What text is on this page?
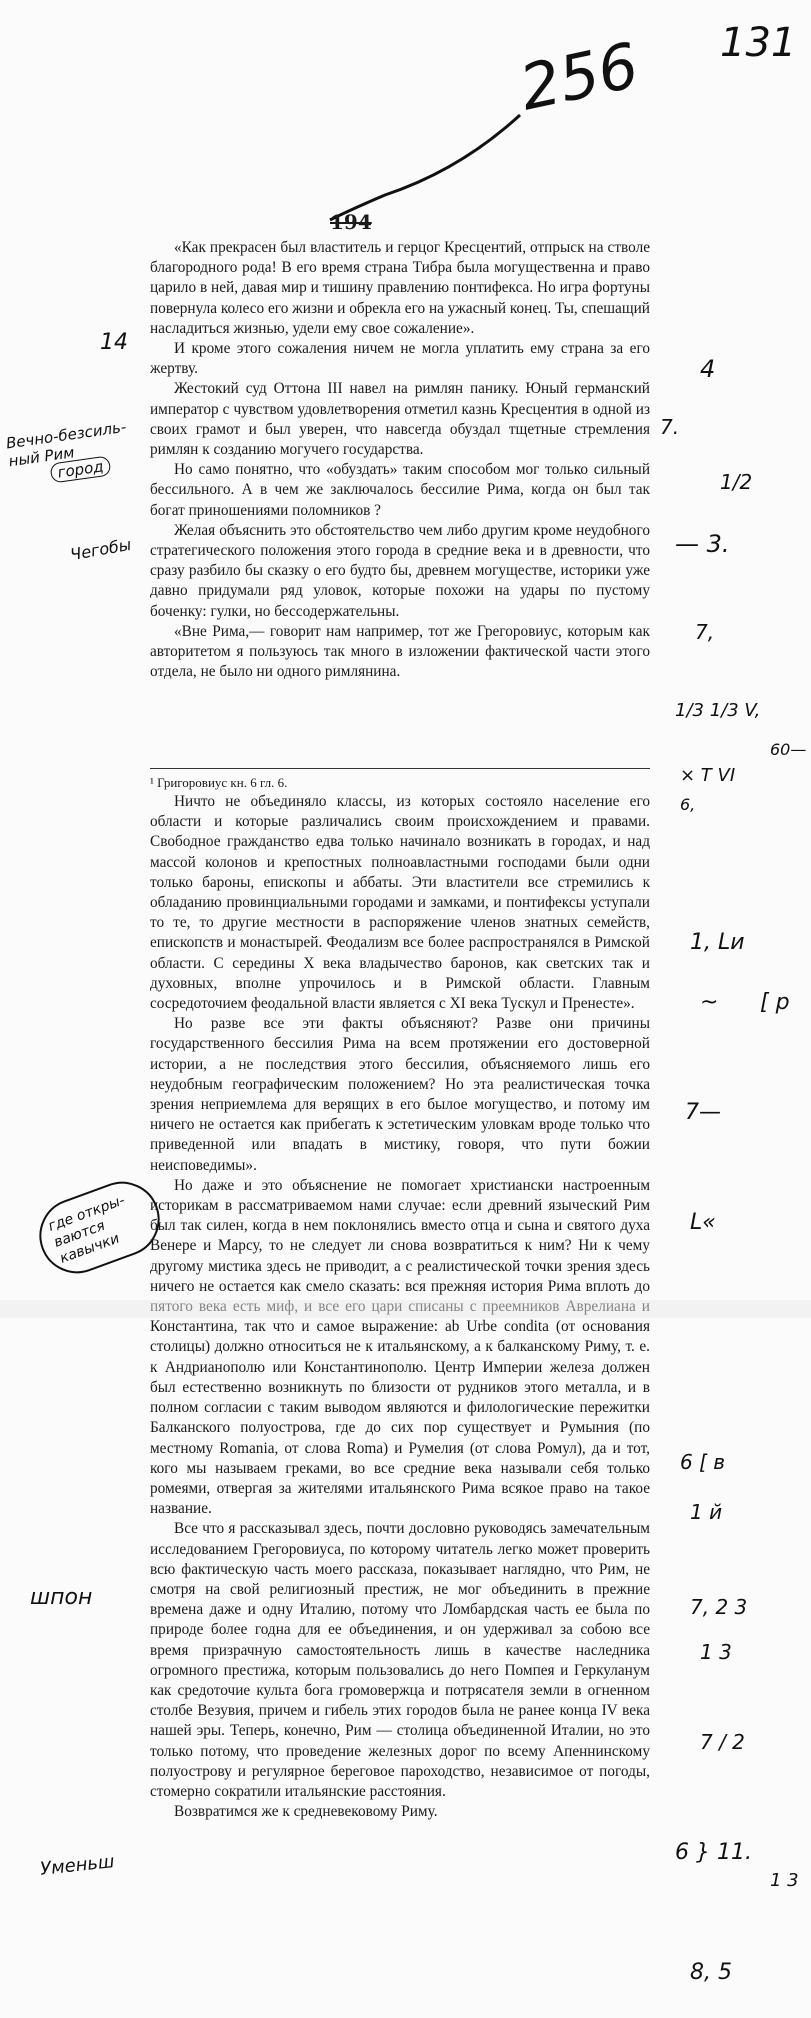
256 131
194
Вечно-безсиль-ный Рим
город
14
Чегобы
где откры-ваются кавычки
шпон
Уменьш
4
7.
1/2
— 3.
7,
1/3 1/3 V,
60—
× T VI
6,
1, Lи
~ [ р
7—
L«
6 [ в
1 й
7, 2 3
1 3
7 / 2
6 } 11.
1 3
8, 5

«Как прекрасен был властитель и герцог Кресцентий, отпрыск на стволе благородного рода! В его время страна Тибра была могущественна и право царило в ней, давая мир и тишину правлению понтифекса. Но игра фортуны повернула колесо его жизни и обрекла его на ужасный конец. Ты, спешащий насладиться жизнью, удели ему свое сожаление».

И кроме этого сожаления ничем не могла уплатить ему страна за его жертву.

Жестокий суд Оттона III навел на римлян панику. Юный германский император с чувством удовлетворения отметил казнь Кресцентия в одной из своих грамот и был уверен, что навсегда обуздал тщетные стремления римлян к созданию могучего государства.

Но само понятно, что «обуздать» таким способом мог только сильный бессильного. А в чем же заключалось бессилие Рима, когда он был так богат приношениями поломников ?

Желая объяснить это обстоятельство чем либо другим кроме неудобного стратегического положения этого города в средние века и в древности, что сразу разбило бы сказку о его будто бы, древнем могуществе, историки уже давно придумали ряд уловок, которые похожи на удары по пустому боченку: гулки, но бессодержательны.

«Вне Рима,— говорит нам например, тот же Грегоровиус, которым как авторитетом я пользуюсь так много в изложении фактической части этого отдела, не было ни одного римлянина.

¹ Григоровиус кн. 6 гл. 6.

Ничто не объединяло классы, из которых состояло население его области и которые различались своим происхождением и правами. Свободное гражданство едва только начинало возникать в городах, и над массой колонов и крепостных полноавластными господами были одни только бароны, епископы и аббаты. Эти властители все стремились к обладанию провинциальными городами и замками, и понтифексы уступали то те, то другие местности в распоряжение членов знатных семейств, епископств и монастырей. Феодализм все более распространялся в Римской области. С середины X века владычество баронов, как светских так и духовных, вполне упрочилось и в Римской области. Главным сосредоточием феодальной власти является с XI века Тускул и Пренесте».

Но разве все эти факты объясняют? Разве они причины государственного бессилия Рима на всем протяжении его достоверной истории, а не последствия этого бессилия, объясняемого лишь его неудобным географическим положением? Но эта реалистическая точка зрения неприемлема для верящих в его былое могущество, и потому им ничего не остается как прибегать к эстетическим уловкам вроде только что приведенной или впадать в мистику, говоря, что пути божии неисповедимы».

Но даже и это объяснение не помогает христиански настроенным историкам в рассматриваемом нами случае: если древний языческий Рим был так силен, когда в нем поклонялись вместо отца и сына и святого духа Венере и Марсу, то не следует ли снова возвратиться к ним? Ни к чему другому мистика здесь не приводит, а с реалистической точки зрения здесь ничего не остается как смело сказать: вся прежняя история Рима вплоть до Константина, так что и самое выражение: ab Urbe condita (от основания столицы) должно относиться не к итальянскому, а к балканскому Риму, т. е. к Андрианополю или Константинополю. Центр Империи железа должен был естественно возникнуть по близости от рудников этого металла, и в полном согласии с таким выводом являются и филологические пережитки Балканского полуострова, где до сих пор существует и Румыния (по местному Romania, от слова Roma) и Румелия (от слова Ромул), да и тот, кого мы называем греками, во все средние века называли себя только ромеями, отвергая за жителями итальянского Рима всякое право на такое название.

Все что я рассказывал здесь, почти дословно руководясь замечательным исследованием Грегоровиуса, по которому читатель легко может проверить всю фактическую часть моего рассказа, показывает наглядно, что Рим, не смотря на свой религиозный престиж, не мог объединить в прежние времена даже и одну Италию, потому что Ломбардская часть ее была по природе более годна для ее объединения, и он удерживал за собою все время призрачную самостоятельность лишь в качестве наследника огромного престижа, которым пользовались до него Помпея и Геркуланум как средоточие культа бога громовержца и потрясателя земли в огненном столбе Везувия, причем и гибель этих городов была не ранее конца IV века нашей эры. Теперь, конечно, Рим — столица объединенной Италии, но это только потому, что проведение железных дорог по всему Апеннинскому полуострову и регулярное береговое пароходство, независимое от погоды, стомерно сократили итальянские расстояния.

Возвратимся же к средневековому Риму.
